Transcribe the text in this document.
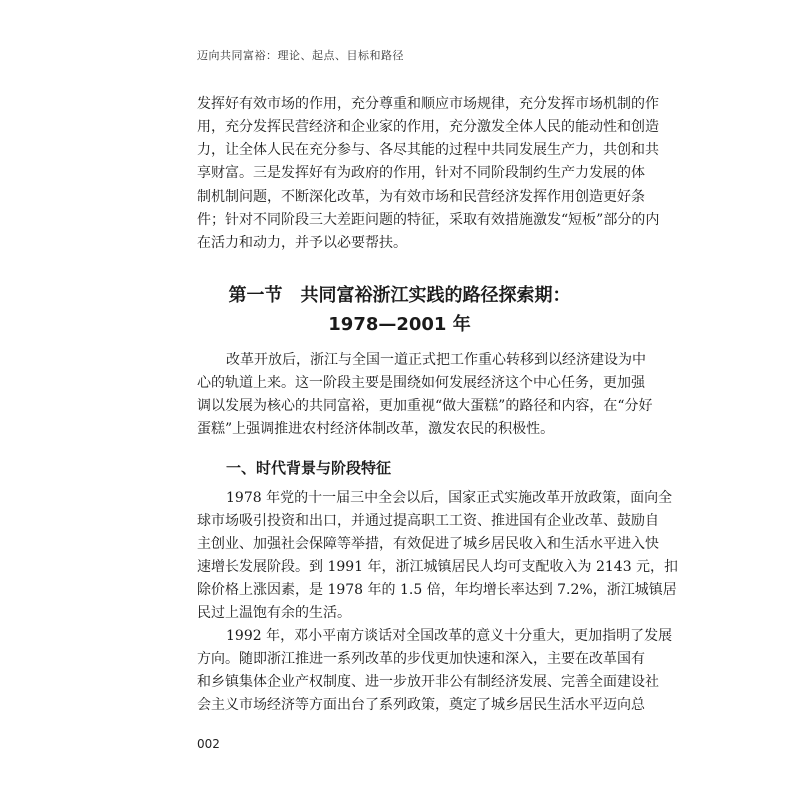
迈向共同富裕：理论、起点、目标和路径
发挥好有效市场的作用，充分尊重和顺应市场规律，充分发挥市场机制的作
用，充分发挥民营经济和企业家的作用，充分激发全体人民的能动性和创造
力，让全体人民在充分参与、各尽其能的过程中共同发展生产力，共创和共
享财富。三是发挥好有为政府的作用，针对不同阶段制约生产力发展的体
制机制问题，不断深化改革，为有效市场和民营经济发挥作用创造更好条
件；针对不同阶段三大差距问题的特征，采取有效措施激发“短板”部分的内
在活力和动力，并予以必要帮扶。
第一节　共同富裕浙江实践的路径探索期：
1978—2001 年
改革开放后，浙江与全国一道正式把工作重心转移到以经济建设为中
心的轨道上来。这一阶段主要是围绕如何发展经济这个中心任务，更加强
调以发展为核心的共同富裕，更加重视“做大蛋糕”的路径和内容，在“分好
蛋糕”上强调推进农村经济体制改革，激发农民的积极性。
一、时代背景与阶段特征
1978 年党的十一届三中全会以后，国家正式实施改革开放政策，面向全
球市场吸引投资和出口，并通过提高职工工资、推进国有企业改革、鼓励自
主创业、加强社会保障等举措，有效促进了城乡居民收入和生活水平进入快
速增长发展阶段。到 1991 年，浙江城镇居民人均可支配收入为 2143 元，扣
除价格上涨因素，是 1978 年的 1.5 倍，年均增长率达到 7.2%，浙江城镇居
民过上温饱有余的生活。
1992 年，邓小平南方谈话对全国改革的意义十分重大，更加指明了发展
方向。随即浙江推进一系列改革的步伐更加快速和深入，主要在改革国有
和乡镇集体企业产权制度、进一步放开非公有制经济发展、完善全面建设社
会主义市场经济等方面出台了系列政策，奠定了城乡居民生活水平迈向总
002
